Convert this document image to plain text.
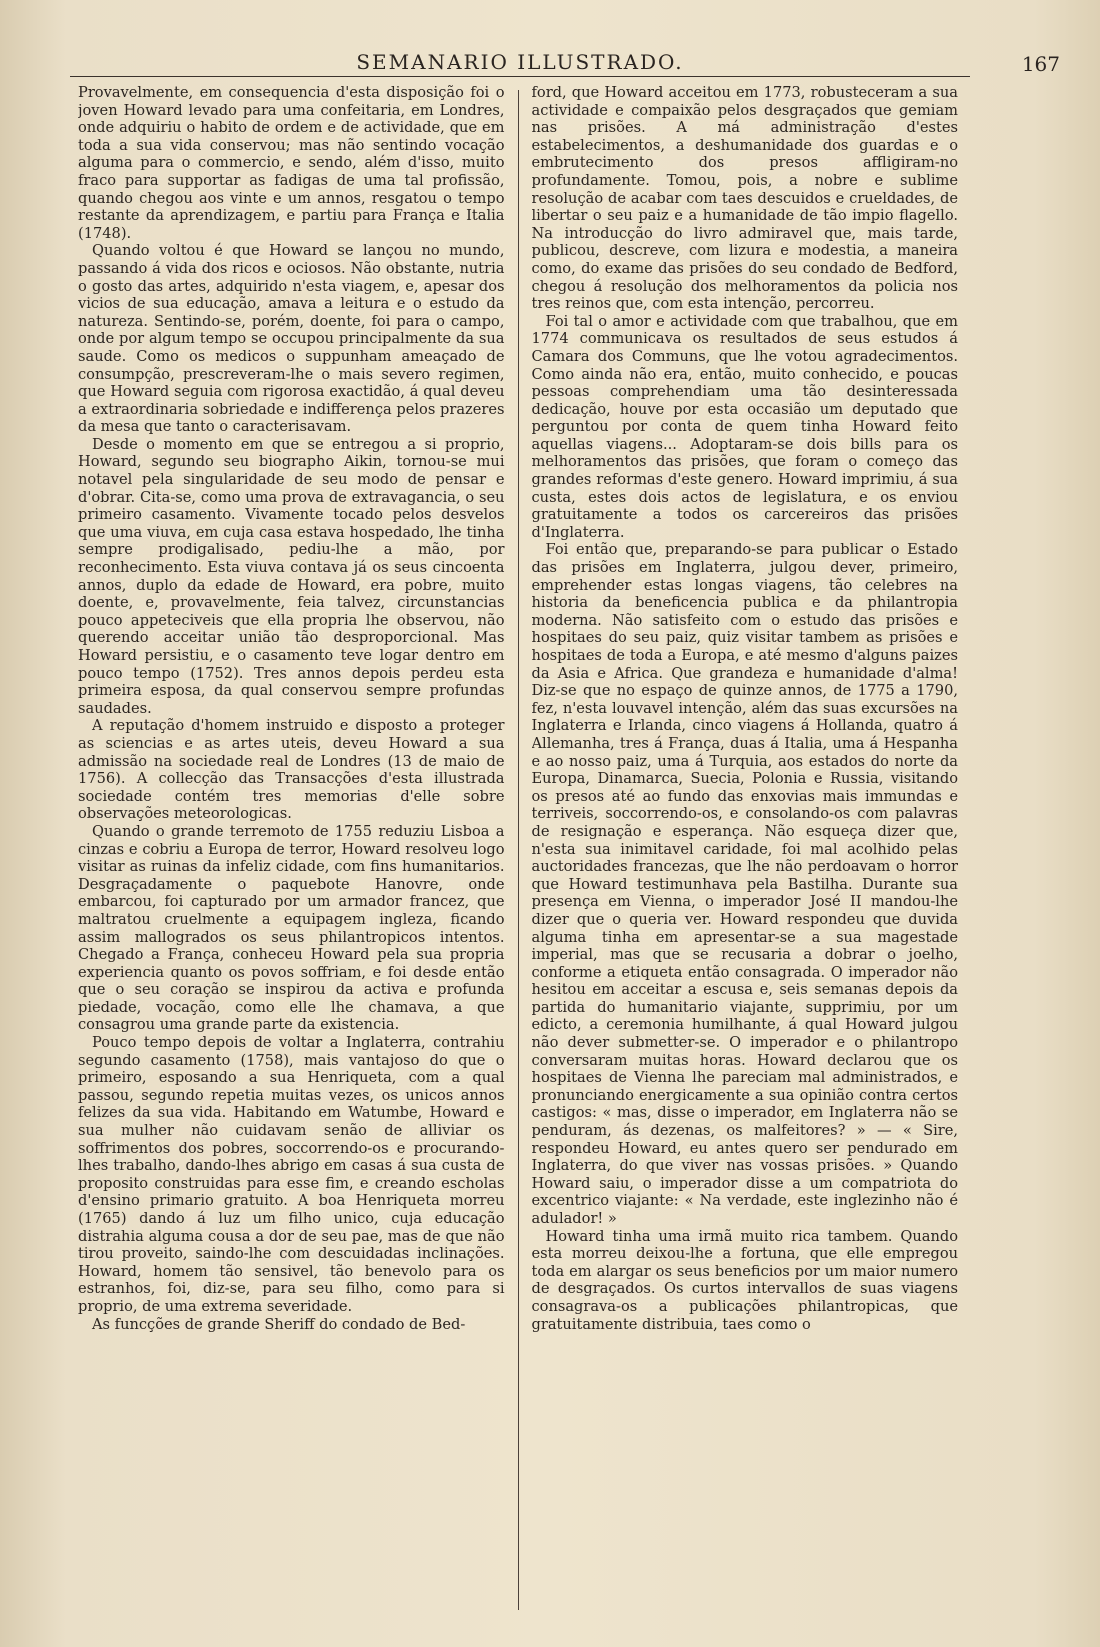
SEMANARIO ILLUSTRADO.	167

Provavelmente, em consequencia d'esta disposição foi o joven Howard levado para uma confeitaria, em Londres, onde adquiriu o habito de ordem e de actividade, que em toda a sua vida conservou; mas não sentindo vocação alguma para o commercio, e sendo, além d'isso, muito fraco para supportar as fadigas de uma tal profissão, quando chegou aos vinte e um annos, resgatou o tempo restante da aprendizagem, e partiu para França e Italia (1748).

Quando voltou é que Howard se lançou no mundo, passando á vida dos ricos e ociosos. Não obstante, nutria o gosto das artes, adquirido n'esta viagem, e, apesar dos vicios de sua educação, amava a leitura e o estudo da natureza. Sentindo-se, porém, doente, foi para o campo, onde por algum tempo se occupou principalmente da sua saude. Como os medicos o suppunham ameaçado de consumpção, prescreveram-lhe o mais severo regimen, que Howard seguia com rigorosa exactidão, á qual deveu a extraordinaria sobriedade e indifferença pelos prazeres da mesa que tanto o caracterisavam.

Desde o momento em que se entregou a si proprio, Howard, segundo seu biographo Aikin, tornou-se mui notavel pela singularidade de seu modo de pensar e d'obrar. Cita-se, como uma prova de extravagancia, o seu primeiro casamento. Vivamente tocado pelos desvelos que uma viuva, em cuja casa estava hospedado, lhe tinha sempre prodigalisado, pediu-lhe a mão, por reconhecimento. Esta viuva contava já os seus cincoenta annos, duplo da edade de Howard, era pobre, muito doente, e, provavelmente, feia talvez, circunstancias pouco appeteciveis que ella propria lhe observou, não querendo acceitar união tão desproporcional. Mas Howard persistiu, e o casamento teve logar dentro em pouco tempo (1752). Tres annos depois perdeu esta primeira esposa, da qual conservou sempre profundas saudades.

A reputação d'homem instruido e disposto a proteger as sciencias e as artes uteis, deveu Howard a sua admissão na sociedade real de Londres (13 de maio de 1756). A collecção das Transacções d'esta illustrada sociedade contém tres memorias d'elle sobre observações meteorologicas.

Quando o grande terremoto de 1755 reduziu Lisboa a cinzas e cobriu a Europa de terror, Howard resolveu logo visitar as ruinas da infeliz cidade, com fins humanitarios. Desgraçadamente o paquebote Hanovre, onde embarcou, foi capturado por um armador francez, que maltratou cruelmente a equipagem ingleza, ficando assim mallogrados os seus philantropicos intentos. Chegado a França, conheceu Howard pela sua propria experiencia quanto os povos soffriam, e foi desde então que o seu coração se inspirou da activa e profunda piedade, vocação, como elle lhe chamava, a que consagrou uma grande parte da existencia.

Pouco tempo depois de voltar a Inglaterra, contrahiu segundo casamento (1758), mais vantajoso do que o primeiro, esposando a sua Henriqueta, com a qual passou, segundo repetia muitas vezes, os unicos annos felizes da sua vida. Habitando em Watumbe, Howard e sua mulher não cuidavam senão de alliviar os soffrimentos dos pobres, soccorrendo-os e procurando-lhes trabalho, dando-lhes abrigo em casas á sua custa de proposito construidas para esse fim, e creando escholas d'ensino primario gratuito. A boa Henriqueta morreu (1765) dando á luz um filho unico, cuja educação distrahia alguma cousa a dor de seu pae, mas de que não tirou proveito, saindo-lhe com descuidadas inclinações. Howard, homem tão sensivel, tão benevolo para os estranhos, foi, diz-se, para seu filho, como para si proprio, de uma extrema severidade.

As funcções de grande Sheriff do condado de Bed-

ford, que Howard acceitou em 1773, robusteceram a sua actividade e compaixão pelos desgraçados que gemiam nas prisões. A má administração d'estes estabelecimentos, a deshumanidade dos guardas e o embrutecimento dos presos affligiram-no profundamente. Tomou, pois, a nobre e sublime resolução de acabar com taes descuidos e crueldades, de libertar o seu paiz e a humanidade de tão impio flagello. Na introducção do livro admiravel que, mais tarde, publicou, descreve, com lizura e modestia, a maneira como, do exame das prisões do seu condado de Bedford, chegou á resolução dos melhoramentos da policia nos tres reinos que, com esta intenção, percorreu.

Foi tal o amor e actividade com que trabalhou, que em 1774 communicava os resultados de seus estudos á Camara dos Communs, que lhe votou agradecimentos. Como ainda não era, então, muito conhecido, e poucas pessoas comprehendiam uma tão desinteressada dedicação, houve por esta occasião um deputado que perguntou por conta de quem tinha Howard feito aquellas viagens... Adoptaram-se dois bills para os melhoramentos das prisões, que foram o começo das grandes reformas d'este genero. Howard imprimiu, á sua custa, estes dois actos de legislatura, e os enviou gratuitamente a todos os carcereiros das prisões d'Inglaterra.

Foi então que, preparando-se para publicar o Estado das prisões em Inglaterra, julgou dever, primeiro, emprehender estas longas viagens, tão celebres na historia da beneficencia publica e da philantropia moderna. Não satisfeito com o estudo das prisões e hospitaes do seu paiz, quiz visitar tambem as prisões e hospitaes de toda a Europa, e até mesmo d'alguns paizes da Asia e Africa. Que grandeza e humanidade d'alma! Diz-se que no espaço de quinze annos, de 1775 a 1790, fez, n'esta louvavel intenção, além das suas excursões na Inglaterra e Irlanda, cinco viagens á Hollanda, quatro á Allemanha, tres á França, duas á Italia, uma á Hespanha e ao nosso paiz, uma á Turquia, aos estados do norte da Europa, Dinamarca, Suecia, Polonia e Russia, visitando os presos até ao fundo das enxovias mais immundas e terriveis, soccorrendo-os, e consolando-os com palavras de resignação e esperança. Não esqueça dizer que, n'esta sua inimitavel caridade, foi mal acolhido pelas auctoridades francezas, que lhe não perdoavam o horror que Howard testimunhava pela Bastilha. Durante sua presença em Vienna, o imperador José II mandou-lhe dizer que o queria ver. Howard respondeu que duvida alguma tinha em apresentar-se a sua magestade imperial, mas que se recusaria a dobrar o joelho, conforme a etiqueta então consagrada. O imperador não hesitou em acceitar a escusa e, seis semanas depois da partida do humanitario viajante, supprimiu, por um edicto, a ceremonia humilhante, á qual Howard julgou não dever submetter-se. O imperador e o philantropo conversaram muitas horas. Howard declarou que os hospitaes de Vienna lhe pareciam mal administrados, e pronunciando energicamente a sua opinião contra certos castigos: « mas, disse o imperador, em Inglaterra não se penduram, ás dezenas, os malfeitores? » — « Sire, respondeu Howard, eu antes quero ser pendurado em Inglaterra, do que viver nas vossas prisões. » Quando Howard saiu, o imperador disse a um compatriota do excentrico viajante: « Na verdade, este inglezinho não é adulador! »

Howard tinha uma irmã muito rica tambem. Quando esta morreu deixou-lhe a fortuna, que elle empregou toda em alargar os seus beneficios por um maior numero de desgraçados. Os curtos intervallos de suas viagens consagrava-os a publicações philantropicas, que gratuitamente distribuia, taes como o
